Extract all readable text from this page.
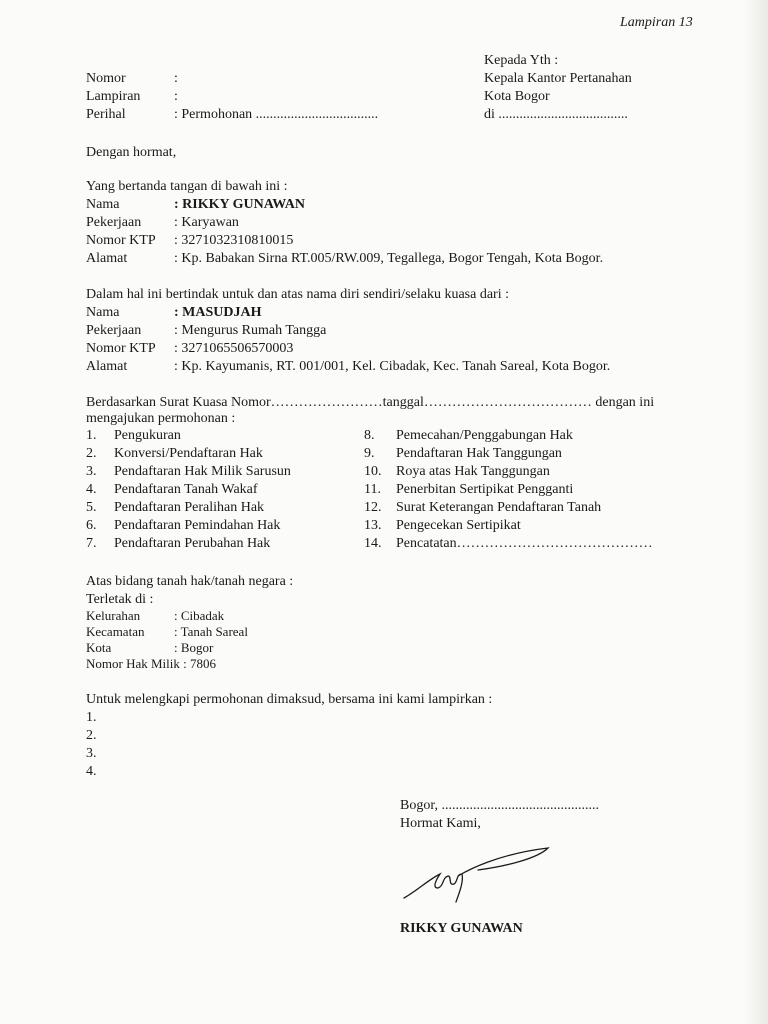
Lampiran 13
Kepada Yth :
Kepala Kantor Pertanahan
Kota Bogor
di .....................................
Nomor	:
Lampiran :
Perihal	: Permohonan ...................................
Dengan hormat,
Yang bertanda tangan di bawah ini :
Nama	: RIKKY GUNAWAN
Pekerjaan : Karyawan
Nomor KTP : 3271032310810015
Alamat	: Kp. Babakan Sirna RT.005/RW.009, Tegallega, Bogor Tengah, Kota Bogor.
Dalam hal ini bertindak untuk dan atas nama diri sendiri/selaku kuasa dari :
Nama	: MASUDJAH
Pekerjaan : Mengurus Rumah Tangga
Nomor KTP : 3271065506570003
Alamat	: Kp. Kayumanis, RT. 001/001, Kel. Cibadak, Kec. Tanah Sareal, Kota Bogor.
Berdasarkan Surat Kuasa Nomor……………………tanggal……………………………… dengan ini
mengajukan permohonan :
1. Pengukuran
2. Konversi/Pendaftaran Hak
3. Pendaftaran Hak Milik Sarusun
4. Pendaftaran Tanah Wakaf
5. Pendaftaran Peralihan Hak
6. Pendaftaran Pemindahan Hak
7. Pendaftaran Perubahan Hak
8. Pemecahan/Penggabungan Hak
9. Pendaftaran Hak Tanggungan
10. Roya atas Hak Tanggungan
11. Penerbitan Sertipikat Pengganti
12. Surat Keterangan Pendaftaran Tanah
13. Pengecekan Sertipikat
14. Pencatatan……………………………………
Atas bidang tanah hak/tanah negara :
Terletak di :
Kelurahan	: Cibadak
Kecamatan : Tanah Sareal
Kota	: Bogor
Nomor Hak Milik : 7806
Untuk melengkapi permohonan dimaksud, bersama ini kami lampirkan :
1.
2.
3.
4.
Bogor, .............................................
Hormat Kami,
RIKKY GUNAWAN
